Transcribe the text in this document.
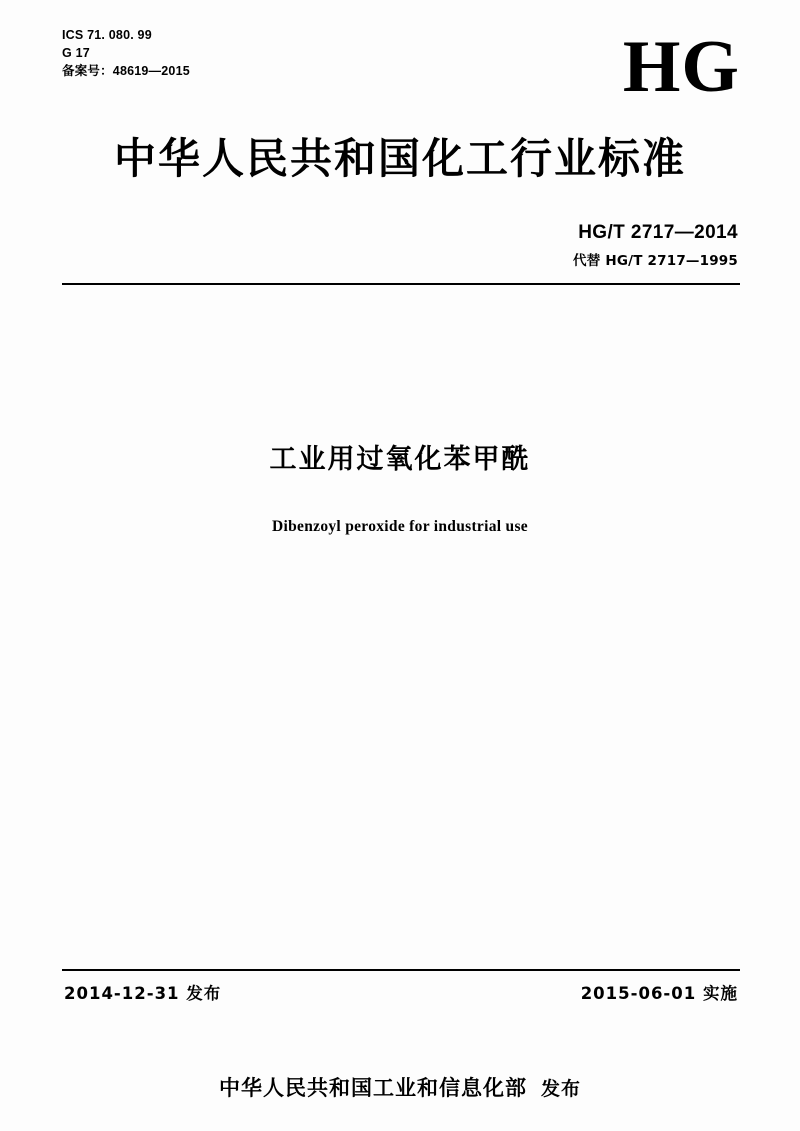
ICS 71. 080. 99
G 17
备案号：48619—2015	HG
中华人民共和国化工行业标准
HG/T 2717—2014
代替 HG/T 2717—1995
工业用过氧化苯甲酰
Dibenzoyl peroxide for industrial use
2014-12-31 发布	2015-06-01 实施
中华人民共和国工业和信息化部 发布
